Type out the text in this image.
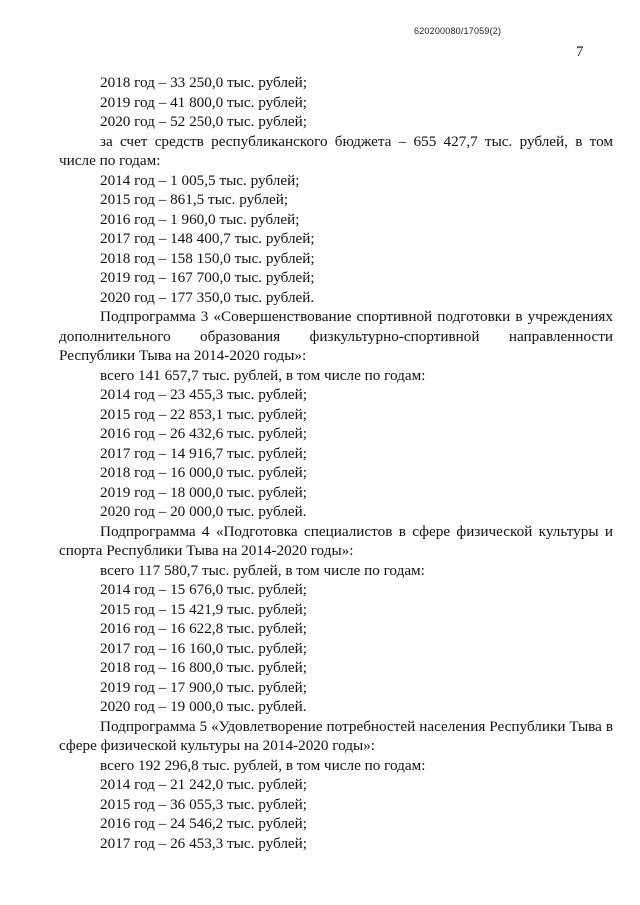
620200080/17059(2)
7
2018 год – 33 250,0 тыс. рублей;
2019 год – 41 800,0 тыс. рублей;
2020 год – 52 250,0 тыс. рублей;
за счет средств республиканского бюджета – 655 427,7 тыс. рублей, в том числе по годам:
2014 год – 1 005,5 тыс. рублей;
2015 год – 861,5 тыс. рублей;
2016 год – 1 960,0 тыс. рублей;
2017 год – 148 400,7 тыс. рублей;
2018 год – 158 150,0 тыс. рублей;
2019 год – 167 700,0 тыс. рублей;
2020 год – 177 350,0 тыс. рублей.
Подпрограмма 3 «Совершенствование спортивной подготовки в учреждениях дополнительного образования физкультурно-спортивной направленности Республики Тыва на 2014-2020 годы»:
всего 141 657,7 тыс. рублей, в том числе по годам:
2014 год – 23 455,3 тыс. рублей;
2015 год – 22 853,1 тыс. рублей;
2016 год – 26 432,6 тыс. рублей;
2017 год – 14 916,7 тыс. рублей;
2018 год – 16 000,0 тыс. рублей;
2019 год – 18 000,0 тыс. рублей;
2020 год – 20 000,0 тыс. рублей.
Подпрограмма 4 «Подготовка специалистов в сфере физической культуры и спорта Республики Тыва на 2014-2020 годы»:
всего 117 580,7 тыс. рублей, в том числе по годам:
2014 год – 15 676,0 тыс. рублей;
2015 год – 15 421,9 тыс. рублей;
2016 год – 16 622,8 тыс. рублей;
2017 год – 16 160,0 тыс. рублей;
2018 год – 16 800,0 тыс. рублей;
2019 год – 17 900,0 тыс. рублей;
2020 год – 19 000,0 тыс. рублей.
Подпрограмма 5 «Удовлетворение потребностей населения Республики Тыва в сфере физической культуры на 2014-2020 годы»:
всего 192 296,8 тыс. рублей, в том числе по годам:
2014 год – 21 242,0 тыс. рублей;
2015 год – 36 055,3 тыс. рублей;
2016 год – 24 546,2 тыс. рублей;
2017 год – 26 453,3 тыс. рублей;
